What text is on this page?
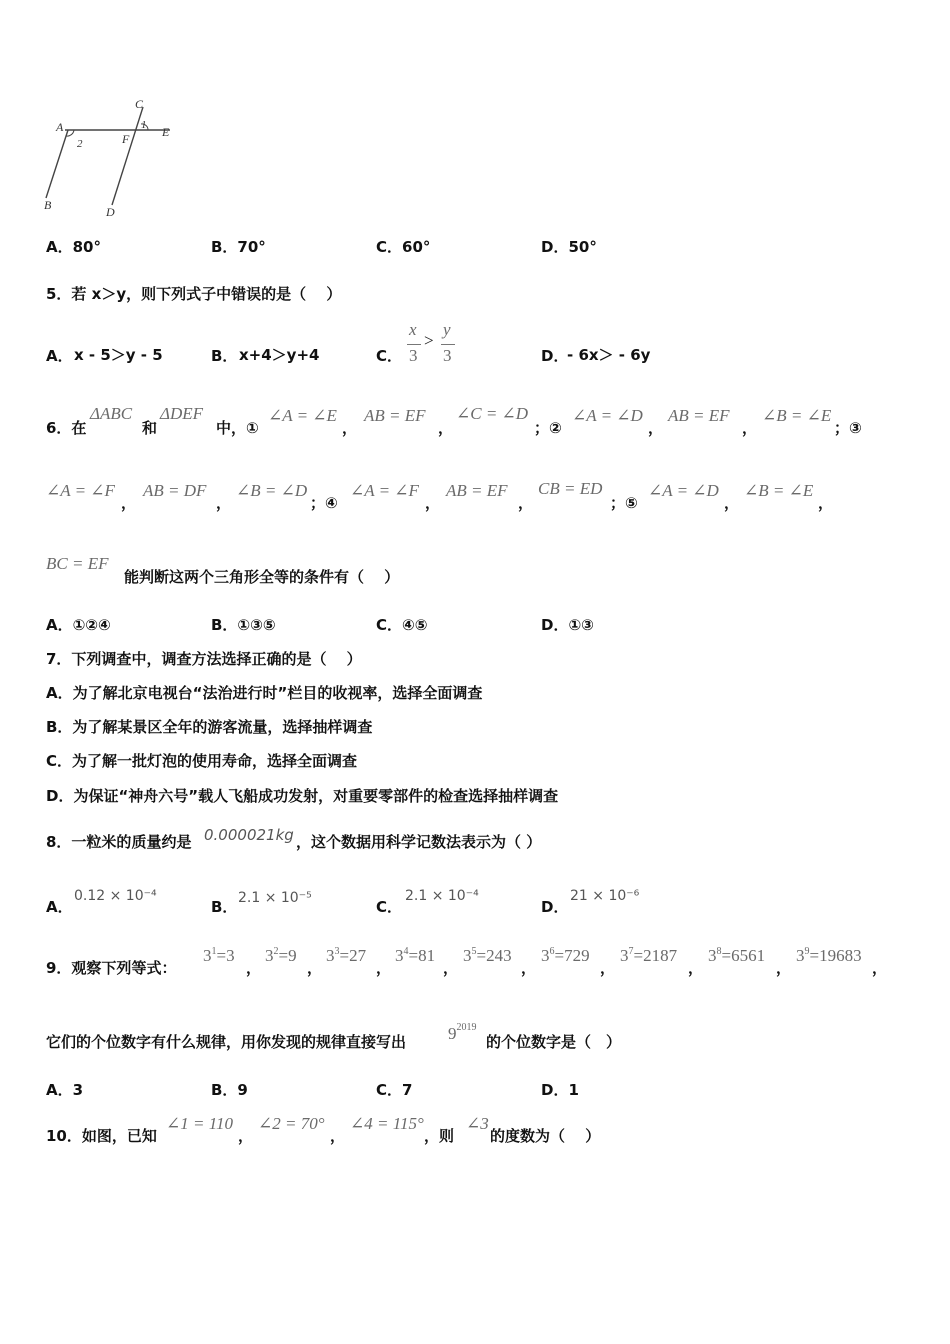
A
B
C
D
E
F
1
2
A．80°	B．70°	C．60°	D．50°
5．若 x＞y，则下列式子中错误的是（　 ）
A． x - 5＞y - 5	B． x+4＞y+4	C．
x
3
>
y
3	D．
- 6x＞ - 6y
6．在
ΔABC
和
ΔDEF
中，①
∠A = ∠E
，
AB = EF
，
∠C = ∠D
；②
∠A = ∠D
，
AB = EF
，
∠B = ∠E
；③
∠A = ∠F
，
AB = DF
，
∠B = ∠D
；④
∠A = ∠F
，
AB = EF
，
CB = ED
；⑤
∠A = ∠D
，
∠B = ∠E
，
BC = EF
能判断这两个三角形全等的条件有（　 ）
A．①②④	B．①③⑤	C．④⑤	D．①③
7．下列调查中，调查方法选择正确的是（　 ）
A．为了解北京电视台“法治进行时”栏目的收视率，选择全面调查
B．为了解某景区全年的游客流量，选择抽样调查
C．为了解一批灯泡的使用寿命，选择全面调查
D．为保证“神舟六号”载人飞船成功发射，对重要零部件的检查选择抽样调查
8．一粒米的质量约是 0.000021kg ，这个数据用科学记数法表示为（ ）
A．
0.12 × 10⁻⁴
B． 2.1 × 10⁻⁵	C．
2.1 × 10⁻⁴
D．
21 × 10⁻⁶
9．观察下列等式：
$3^1=3$
，
$3^2=9$
，
$3^3=27$
，
$3^4=81$
，
$3^5=243$
，
$3^6=729$
，
$3^7=2187$
，
$3^8=6561$
，
$3^9=19683$
，
它们的个位数字有什么规律，用你发现的规律直接写出 $9^{2019}$
的个位数字是（　）
A．3	B．9	C．7	D．1
10．如图，已知
∠1 = 110
，
∠2 = 70°
，
∠4 = 115°
，则
∠3
的度数为（　 ）
